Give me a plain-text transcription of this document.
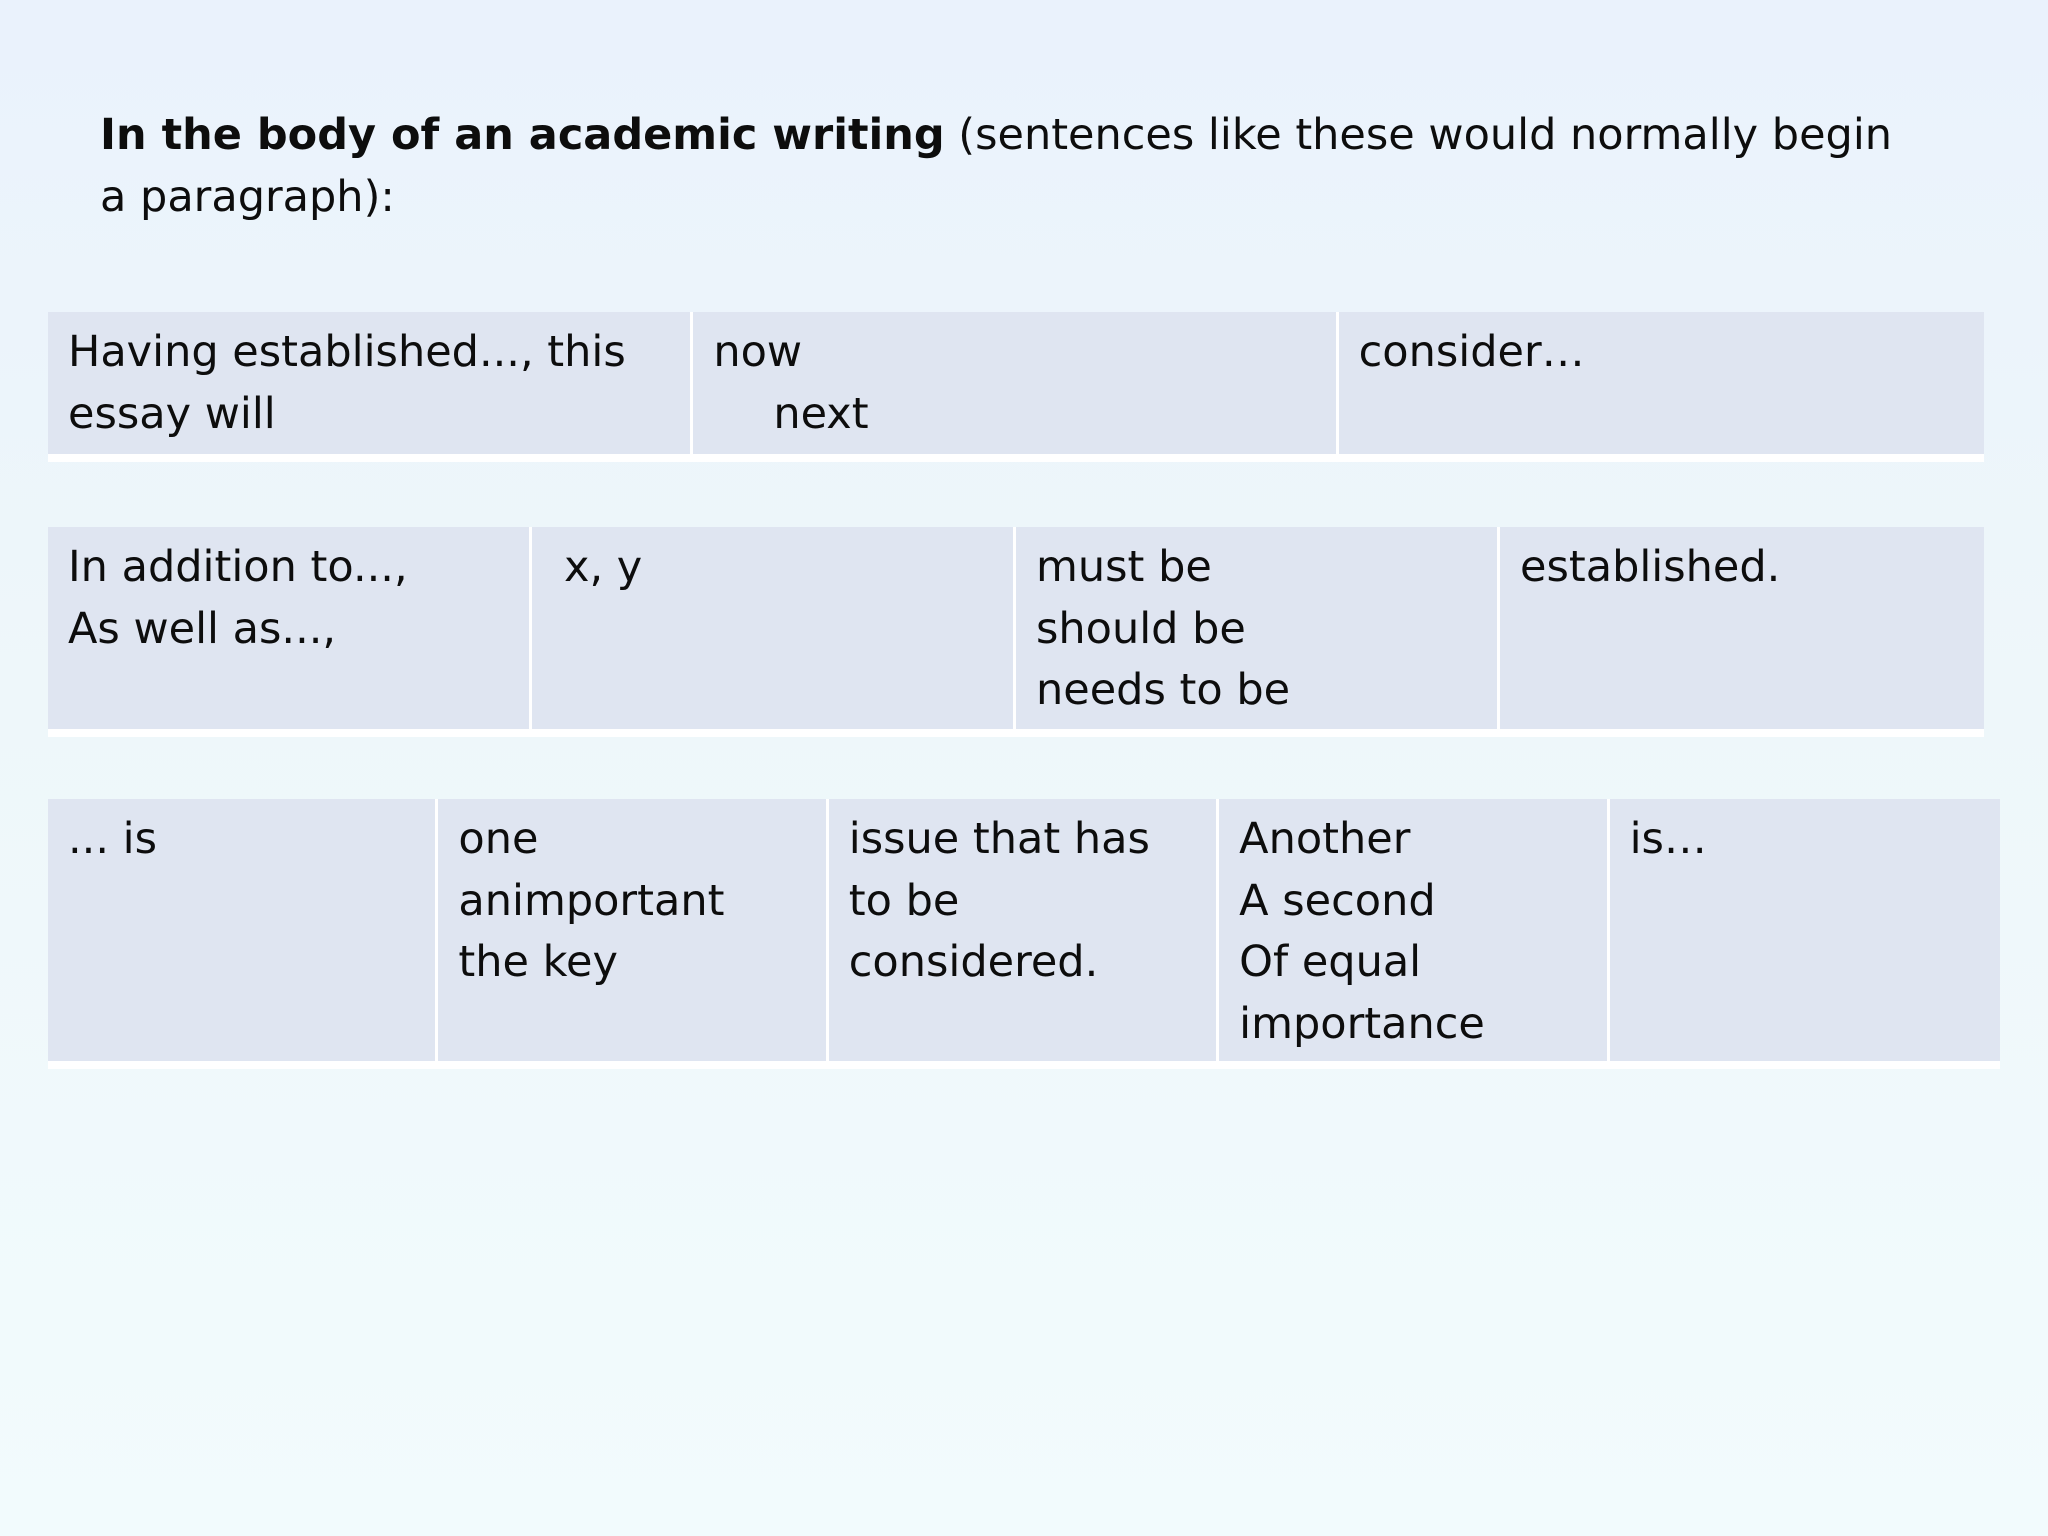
In the body of an academic writing (sentences like these would normally begin a paragraph):

Having established..., this essay will
now
next
consider…
In addition to...,
As well as...,
x, y	must be
should be
needs to be
established.
... is	one
animportant
the key
issue that has to be considered.
Another
A second
Of equal importance
is…
